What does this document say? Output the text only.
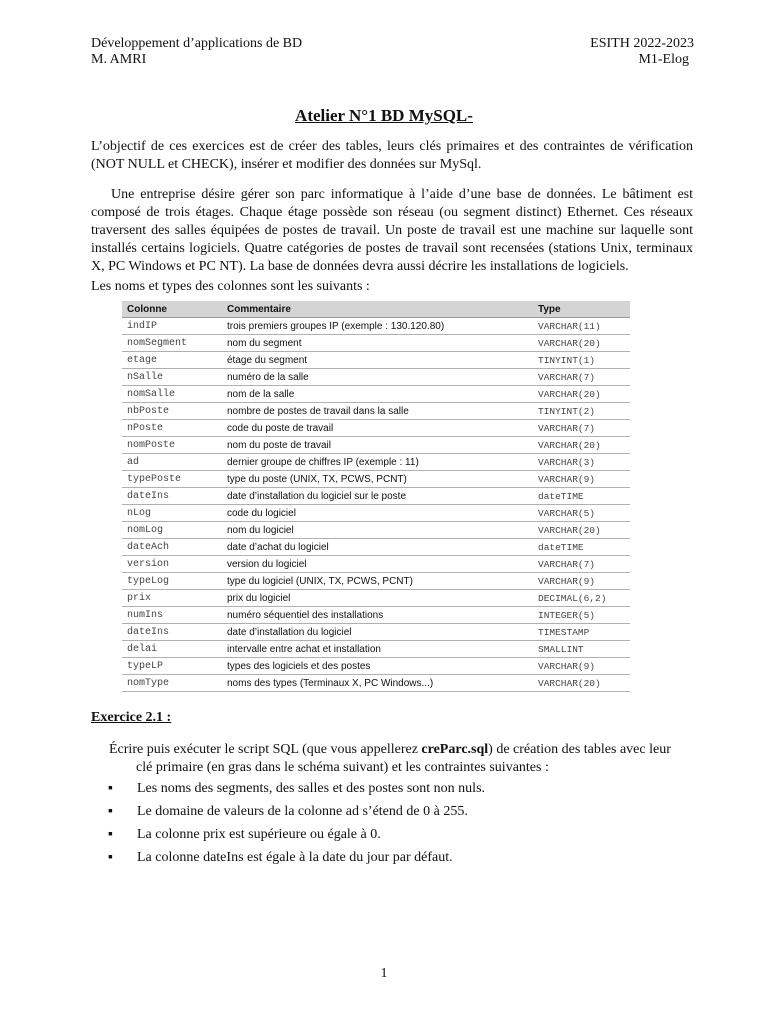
Développement d’applications de BD
M. AMRI
ESITH 2022-2023
M1-Elog
Atelier N°1 BD MySQL-
L’objectif de ces exercices est de créer des tables, leurs clés primaires et des contraintes de vérification (NOT NULL et CHECK), insérer et modifier des données sur MySql.
Une entreprise désire gérer son parc informatique à l’aide d’une base de données. Le bâtiment est composé de trois étages. Chaque étage possède son réseau (ou segment distinct) Ethernet. Ces réseaux traversent des salles équipées de postes de travail. Un poste de travail est une machine sur laquelle sont installés certains logiciels. Quatre catégories de postes de travail sont recensées (stations Unix, terminaux X, PC Windows et PC NT). La base de données devra aussi décrire les installations de logiciels.
Les noms et types des colonnes sont les suivants :
Colonne	Commentaire	Type
indIP	trois premiers groupes IP (exemple : 130.120.80)	VARCHAR(11)
nomSegment	nom du segment	VARCHAR(20)
etage	étage du segment	TINYINT(1)
nSalle	numéro de la salle	VARCHAR(7)
nomSalle	nom de la salle	VARCHAR(20)
nbPoste	nombre de postes de travail dans la salle	TINYINT(2)
nPoste	code du poste de travail	VARCHAR(7)
nomPoste	nom du poste de travail	VARCHAR(20)
ad	dernier groupe de chiffres IP (exemple : 11)	VARCHAR(3)
typePoste	type du poste (UNIX, TX, PCWS, PCNT)	VARCHAR(9)
dateIns	date d’installation du logiciel sur le poste	dateTIME
nLog	code du logiciel	VARCHAR(5)
nomLog	nom du logiciel	VARCHAR(20)
dateAch	date d’achat du logiciel	dateTIME
version	version du logiciel	VARCHAR(7)
typeLog	type du logiciel (UNIX, TX, PCWS, PCNT)	VARCHAR(9)
prix	prix du logiciel	DECIMAL(6,2)
numIns	numéro séquentiel des installations	INTEGER(5)
dateIns	date d’installation du logiciel	TIMESTAMP
delai	intervalle entre achat et installation	SMALLINT
typeLP	types des logiciels et des postes	VARCHAR(9)
nomType	noms des types (Terminaux X, PC Windows...)	VARCHAR(20)
Exercice 2.1 :
Écrire puis exécuter le script SQL (que vous appellerez creParc.sql) de création des tables avec leur
clé primaire (en gras dans le schéma suivant) et les contraintes suivantes :
▪ Les noms des segments, des salles et des postes sont non nuls.
▪ Le domaine de valeurs de la colonne ad s’étend de 0 à 255.
▪ La colonne prix est supérieure ou égale à 0.
▪ La colonne dateIns est égale à la date du jour par défaut.
1
